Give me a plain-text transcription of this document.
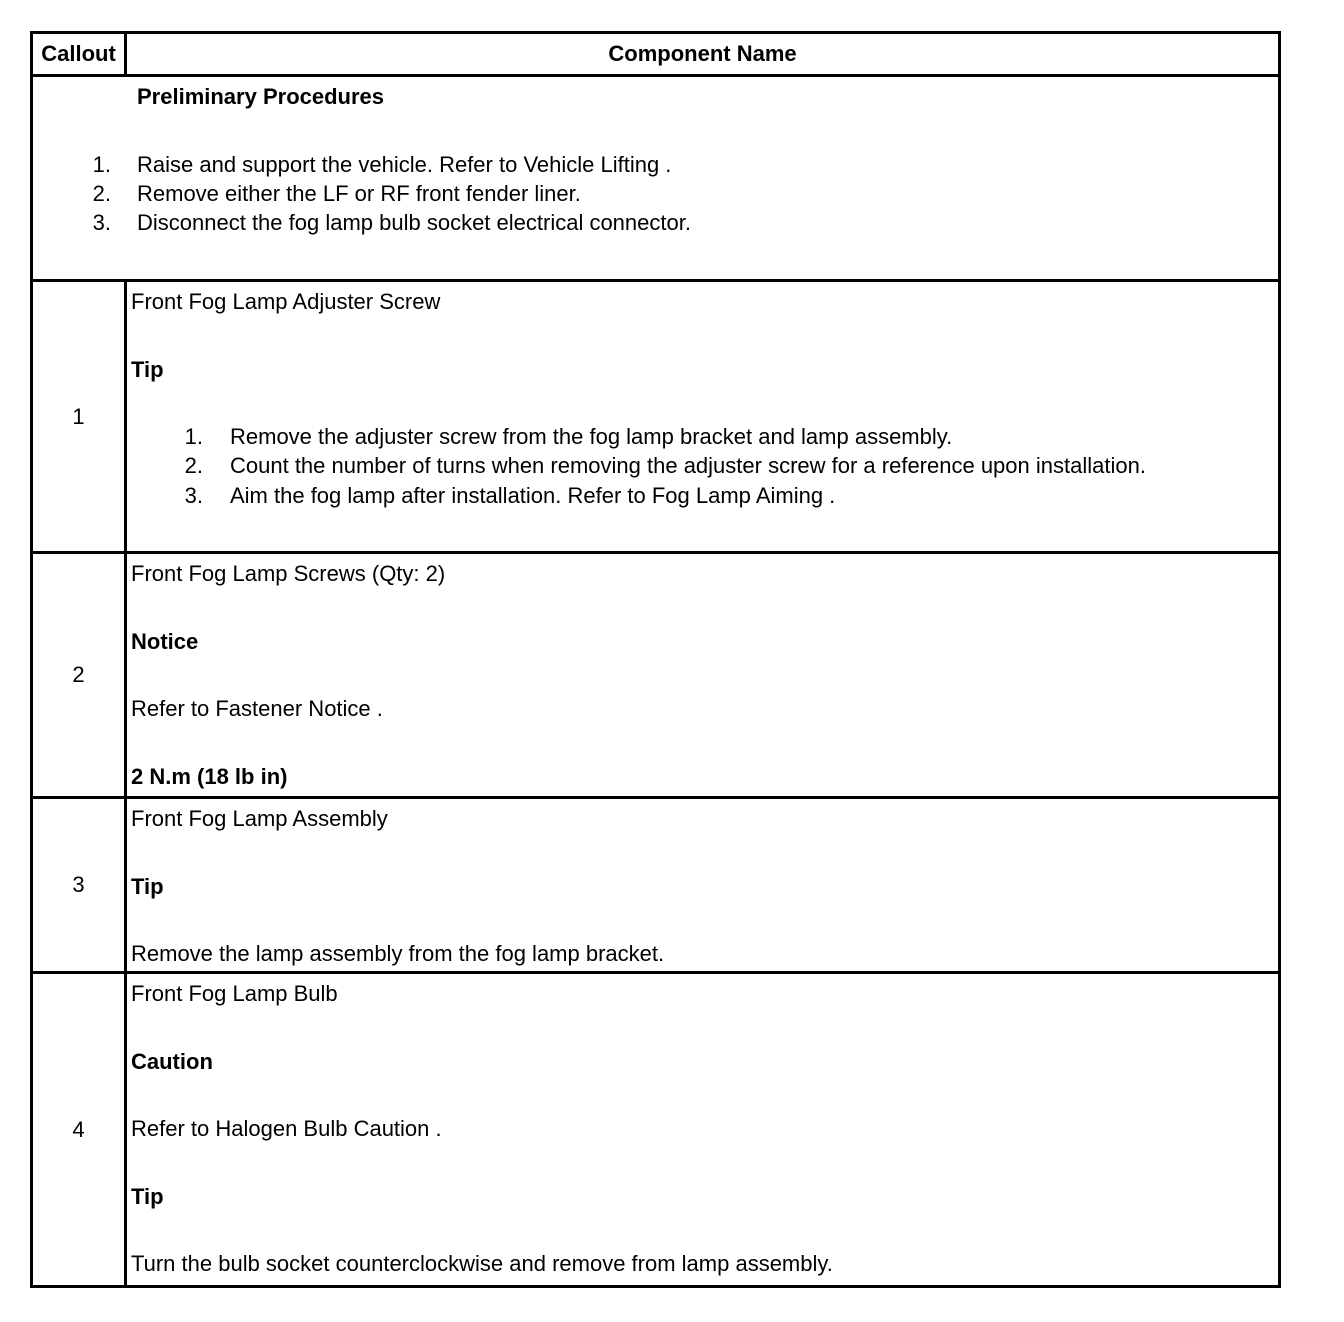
Callout	Component Name
Preliminary Procedures
1. Raise and support the vehicle. Refer to Vehicle Lifting .
2. Remove either the LF or RF front fender liner.
3. Disconnect the fog lamp bulb socket electrical connector.
1
Front Fog Lamp Adjuster Screw
Tip
1. Remove the adjuster screw from the fog lamp bracket and lamp assembly.
2. Count the number of turns when removing the adjuster screw for a reference upon installation.
3. Aim the fog lamp after installation. Refer to Fog Lamp Aiming .
2
Front Fog Lamp Screws (Qty: 2)
Notice
Refer to Fastener Notice .
2 N.m (18 lb in)
3
Front Fog Lamp Assembly
Tip
Remove the lamp assembly from the fog lamp bracket.
4
Front Fog Lamp Bulb
Caution
Refer to Halogen Bulb Caution .
Tip
Turn the bulb socket counterclockwise and remove from lamp assembly.
